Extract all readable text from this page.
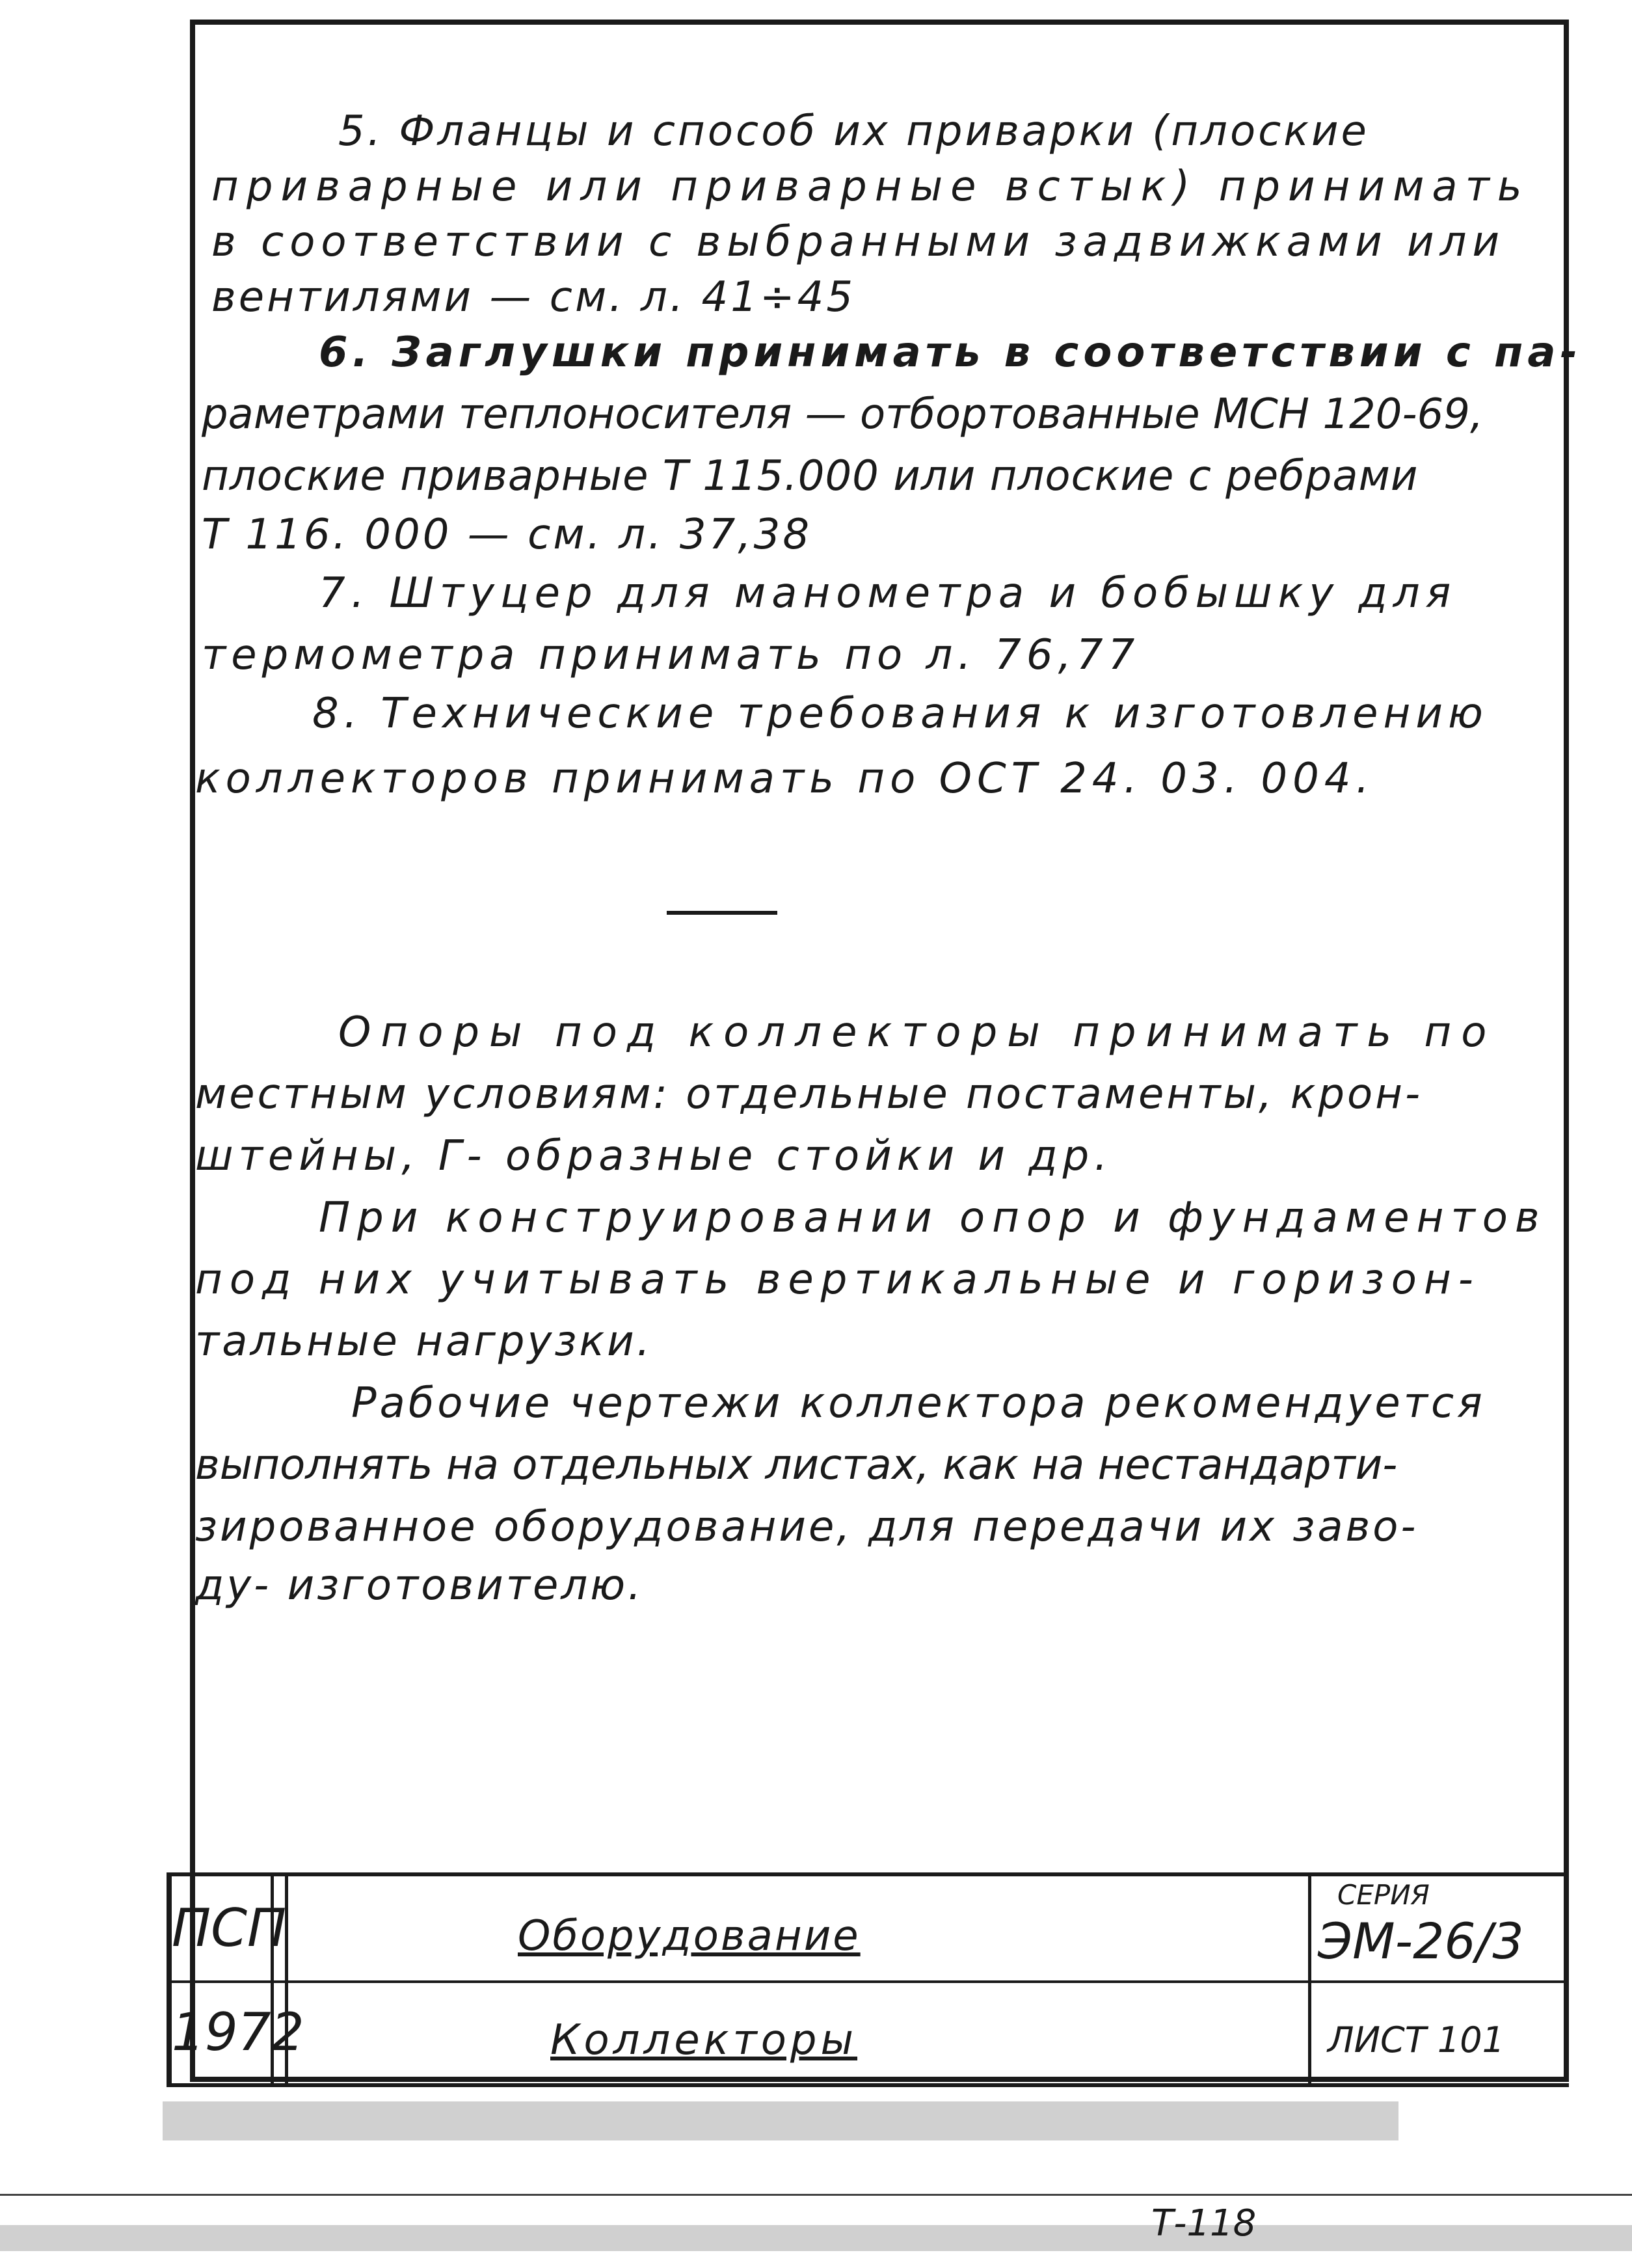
5. Фланцы и способ их приварки (плоские
приварные или приварные встык) принимать
в соответствии с выбранными задвижками или
вентилями — см. л. 41÷45
6. Заглушки принимать в соответствии с па-
раметрами теплоносителя — отбортованные МСН 120-69,
плоские приварные Т 115.000 или плоские с ребрами
Т 116. 000 — см. л. 37,38
7. Штуцер для манометра и бобышку для
термометра принимать по л. 76,77
8. Технические требования к изготовлению
коллекторов принимать по ОСТ 24. 03. 004.
Опоры под коллекторы принимать по
местным условиям: отдельные постаменты, крон-
штейны, Г- образные стойки и др.
При конструировании опор и фундаментов
под них учитывать вертикальные и горизон-
тальные нагрузки.
Рабочие чертежи коллектора рекомендуется
выполнять на отдельных листах, как на нестандарти-
зированное оборудование, для передачи их заво-
ду- изготовителю.
ПСП
1972
Оборудование
Коллекторы
СЕРИЯ
ЭМ-26/3
ЛИСТ 101
Т-118
